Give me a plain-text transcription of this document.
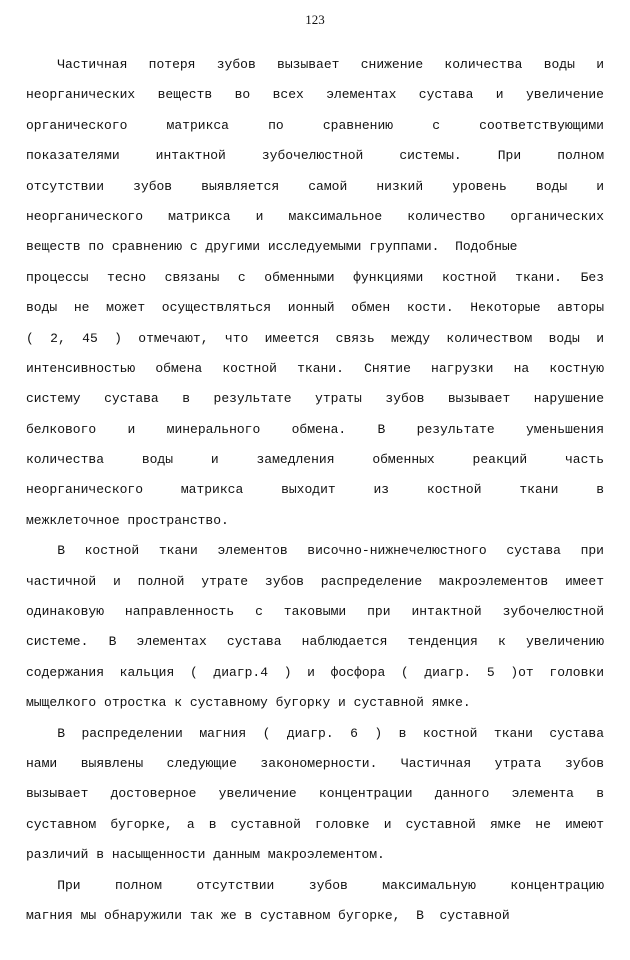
123
Частичная потеря зубов вызывает снижение количества воды и
неорганических веществ во всех элементах сустава и увеличение
органического матрикса по сравнению с соответствующими
показателями интактной зубочелюстной системы. При полном
отсутствии зубов выявляется самой низкий уровень воды и
неорганического матрикса и максимальное количество органических
веществ по сравнению с другими исследуемыми группами.  Подобные
процессы тесно связаны с обменными функциями костной ткани. Без
воды не может осуществляться ионный обмен кости. Некоторые авторы
( 2, 45 ) отмечают, что имеется связь между количеством воды и
интенсивностью обмена костной ткани. Снятие нагрузки на костную
систему сустава в результате утраты зубов вызывает нарушение
белкового и минерального обмена. В результате уменьшения
количества воды и замедления обменных реакций часть
неорганического матрикса выходит из костной ткани в
межклеточное пространство.
В костной ткани элементов височно-нижнечелюстного сустава при
частичной и полной утрате зубов распределение макроэлементов имеет
одинаковую направленность с таковыми при интактной зубочелюстной
системе. В элементах сустава наблюдается тенденция к увеличению
содержания кальция ( диагр.4 ) и фосфора ( диагр. 5 )от головки
мыщелкого отростка к суставному бугорку и суставной ямке.
В распределении магния ( диагр. 6 ) в костной ткани сустава
нами выявлены следующие закономерности. Частичная утрата зубов
вызывает достоверное увеличение концентрации данного элемента в
суставном бугорке, а в суставной головке и суставной ямке не имеют
различий в насыщенности данным макроэлементом.
При полном отсутствии зубов максимальную концентрацию
магния мы обнаружили так же в суставном бугорке,  В  суставной
